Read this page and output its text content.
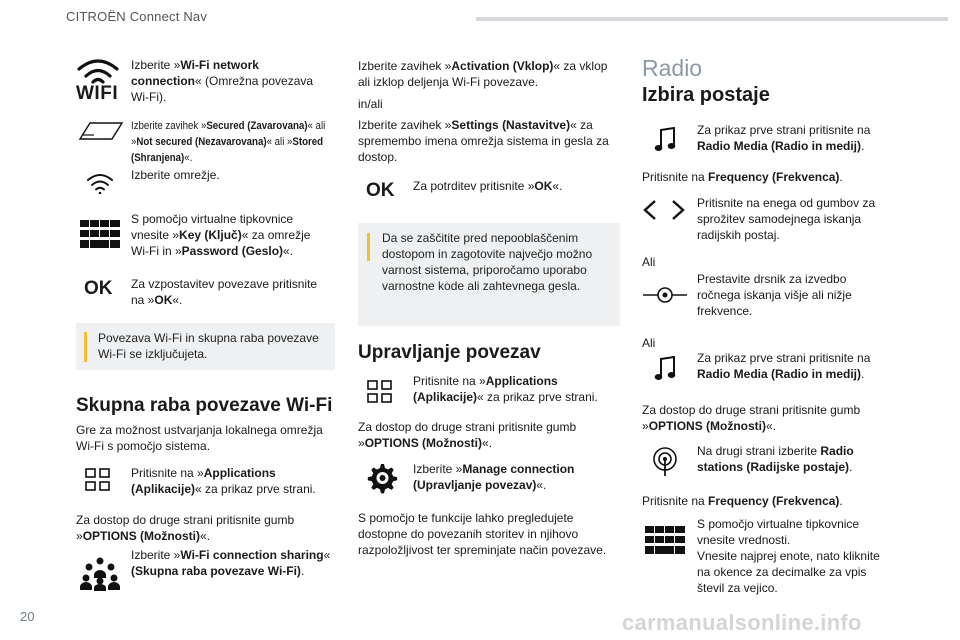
CITROËN Connect Nav
WIFI

Izberite »Wi-Fi network connection« (Omrežna povezava Wi-Fi).

Izberite zavihek »Secured (Zavarovana)« ali »Not secured (Nezavarovana)« ali »Stored (Shranjena)«.

Izberite omrežje.

S pomočjo virtualne tipkovnice vnesite »Key (Ključ)« za omrežje Wi-Fi in »Password (Geslo)«.

OK Za vzpostavitev povezave pritisnite na »OK«.

Povezava Wi-Fi in skupna raba povezave Wi-Fi se izključujeta.

Skupna raba povezave Wi-Fi

Gre za možnost ustvarjanja lokalnega omrežja Wi-Fi s pomočjo sistema.

Pritisnite na »Applications (Aplikacije)« za prikaz prve strani.

Za dostop do druge strani pritisnite gumb »OPTIONS (Možnosti)«.

Izberite »Wi-Fi connection sharing« (Skupna raba povezave Wi-Fi).

Izberite zavihek »Activation (Vklop)« za vklop ali izklop deljenja Wi-Fi povezave.

in/ali

Izberite zavihek »Settings (Nastavitve)« za spremembo imena omrežja sistema in gesla za dostop.

OK Za potrditev pritisnite »OK«.

Da se zaščitite pred nepooblaščenim dostopom in zagotovite največjo možno varnost sistema, priporočamo uporabo varnostne kode ali zahtevnega gesla.

Upravljanje povezav

Pritisnite na »Applications (Aplikacije)« za prikaz prve strani.

Za dostop do druge strani pritisnite gumb »OPTIONS (Možnosti)«.

Izberite »Manage connection (Upravljanje povezav)«.

S pomočjo te funkcije lahko pregledujete dostopne do povezanih storitev in njihovo razpoložljivost ter spreminjate način povezave.

Radio
Izbira postaje

Za prikaz prve strani pritisnite na Radio Media (Radio in medij).

Pritisnite na Frequency (Frekvenca).

Pritisnite na enega od gumbov za sprožitev samodejnega iskanja radijskih postaj.

Ali

Prestavite drsnik za izvedbo ročnega iskanja višje ali nižje frekvence.

Ali

Za prikaz prve strani pritisnite na Radio Media (Radio in medij).

Za dostop do druge strani pritisnite gumb »OPTIONS (Možnosti)«.

Na drugi strani izberite Radio stations (Radijske postaje).

Pritisnite na Frequency (Frekvenca).

S pomočjo virtualne tipkovnice vnesite vrednosti.
Vnesite najprej enote, nato kliknite na okence za decimalke za vpis števil za vejico.

20	carmanualsonline.info
